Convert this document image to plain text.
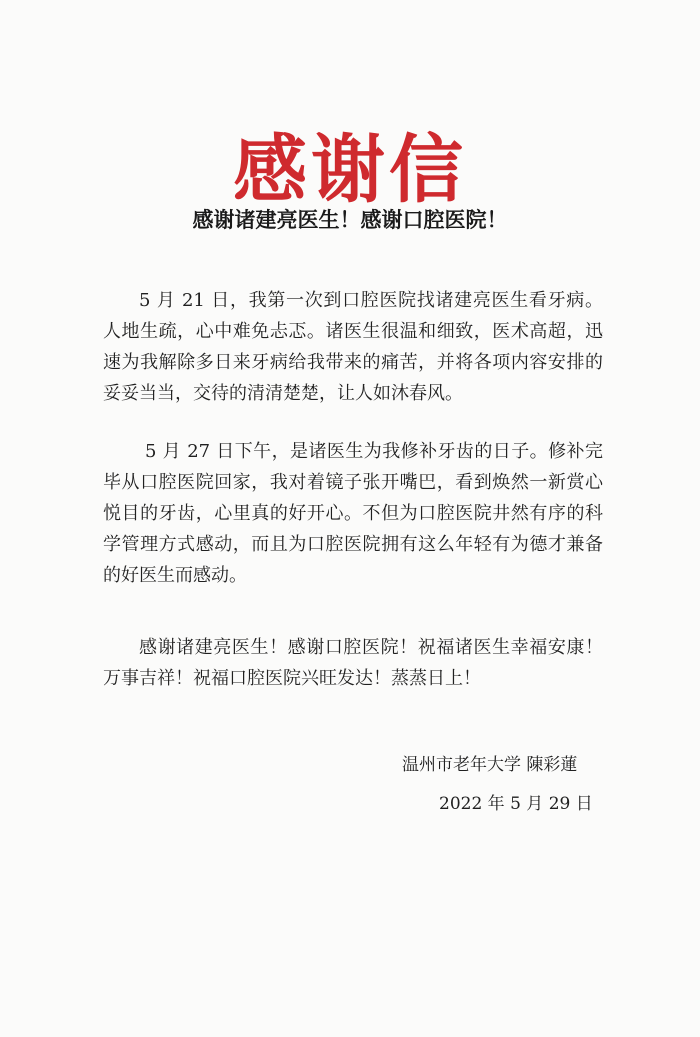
感谢信
感谢诸建亮医生！感谢口腔医院！

5 月 21 日，我第一次到口腔医院找诸建亮医生看牙病。人地生疏，心中难免忐忑。诸医生很温和细致，医术高超，迅速为我解除多日来牙病给我带来的痛苦，并将各项内容安排的妥妥当当，交待的清清楚楚，让人如沐春风。

5 月 27 日下午，是诸医生为我修补牙齿的日子。修补完毕从口腔医院回家，我对着镜子张开嘴巴，看到焕然一新赏心悦目的牙齿，心里真的好开心。不但为口腔医院井然有序的科学管理方式感动，而且为口腔医院拥有这么年轻有为德才兼备的好医生而感动。

感谢诸建亮医生！感谢口腔医院！祝福诸医生幸福安康！万事吉祥！祝福口腔医院兴旺发达！蒸蒸日上！

温州市老年大学 陳彩蓮
2022 年 5 月 29 日
